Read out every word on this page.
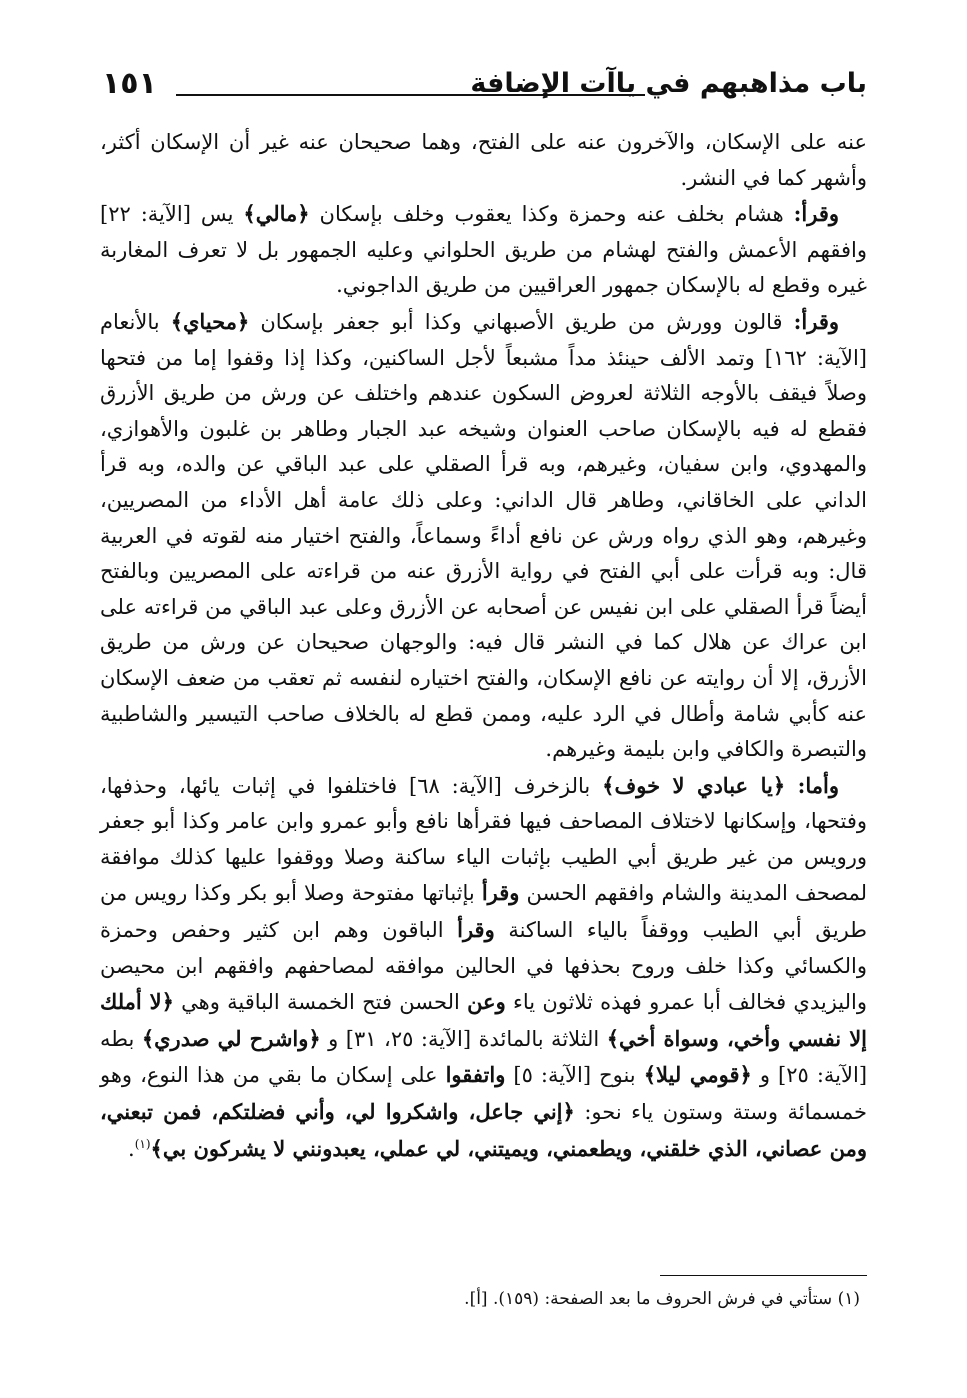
باب مذاهبهم في ياآت الإضافة
١٥١

عنه على الإسكان، والآخرون عنه على الفتح، وهما صحيحان عنه غير أن الإسكان أكثر، وأشهر كما في النشر.

وقرأ: هشام بخلف عنه وحمزة وكذا يعقوب وخلف بإسكان ﴿مالي﴾ يس [الآية: ٢٢] وافقهم الأعمش والفتح لهشام من طريق الحلواني وعليه الجمهور بل لا تعرف المغاربة غيره وقطع له بالإسكان جمهور العراقيين من طريق الداجوني.

وقرأ: قالون وورش من طريق الأصبهاني وكذا أبو جعفر بإسكان ﴿محياي﴾ بالأنعام [الآية: ١٦٢] وتمد الألف حينئذ مداً مشبعاً لأجل الساكنين، وكذا إذا وقفوا إما من فتحها وصلاً فيقف بالأوجه الثلاثة لعروض السكون عندهم واختلف عن ورش من طريق الأزرق فقطع له فيه بالإسكان صاحب العنوان وشيخه عبد الجبار وطاهر بن غلبون والأهوازي، والمهدوي، وابن سفيان، وغيرهم، وبه قرأ الصقلي على عبد الباقي عن والده، وبه قرأ الداني على الخاقاني، وطاهر قال الداني: وعلى ذلك عامة أهل الأداء من المصريين، وغيرهم، وهو الذي رواه ورش عن نافع أداءً وسماعاً، والفتح اختيار منه لقوته في العربية قال: وبه قرأت على أبي الفتح في رواية الأزرق عنه من قراءته على المصريين وبالفتح أيضاً قرأ الصقلي على ابن نفيس عن أصحابه عن الأزرق وعلى عبد الباقي من قراءته على ابن عراك عن هلال كما في النشر قال فيه: والوجهان صحيحان عن ورش من طريق الأزرق، إلا أن روايته عن نافع الإسكان، والفتح اختياره لنفسه ثم تعقب من ضعف الإسكان عنه كأبي شامة وأطال في الرد عليه، وممن قطع له بالخلاف صاحب التيسير والشاطبية والتبصرة والكافي وابن بليمة وغيرهم.

وأما: ﴿يا عبادي لا خوف﴾ بالزخرف [الآية: ٦٨] فاختلفوا في إثبات يائها، وحذفها، وفتحها، وإسكانها لاختلاف المصاحف فيها فقرأها نافع وأبو عمرو وابن عامر وكذا أبو جعفر ورويس من غير طريق أبي الطيب بإثبات الياء ساكنة وصلا ووقفوا عليها كذلك موافقة لمصحف المدينة والشام وافقهم الحسن وقرأ بإثباتها مفتوحة وصلا أبو بكر وكذا رويس من طريق أبي الطيب ووقفاً بالياء الساكنة وقرأ الباقون وهم ابن كثير وحفص وحمزة والكسائي وكذا خلف وروح بحذفها في الحالين موافقه لمصاحفهم وافقهم ابن محيصن واليزيدي فخالف أبا عمرو فهذه ثلاثون ياء وعن الحسن فتح الخمسة الباقية وهي ﴿لا أملك إلا نفسي وأخي، وسواة أخي﴾ الثلاثة بالمائدة [الآية: ٢٥، ٣١] و ﴿واشرح لي صدري﴾ بطه [الآية: ٢٥] و ﴿قومي ليلا﴾ بنوح [الآية: ٥] واتفقوا على إسكان ما بقي من هذا النوع، وهو خمسمائة وستة وستون ياء نحو: ﴿إني جاعل، واشكروا لي، وأني فضلتكم، فمن تبعني، ومن عصاني، الذي خلقني، ويطعمني، ويميتني، لي عملي، يعبدونني لا يشركون بي﴾$^{(١)}$.

(١) ستأتي في فرش الحروف ما بعد الصفحة: (١٥٩). [أ].
